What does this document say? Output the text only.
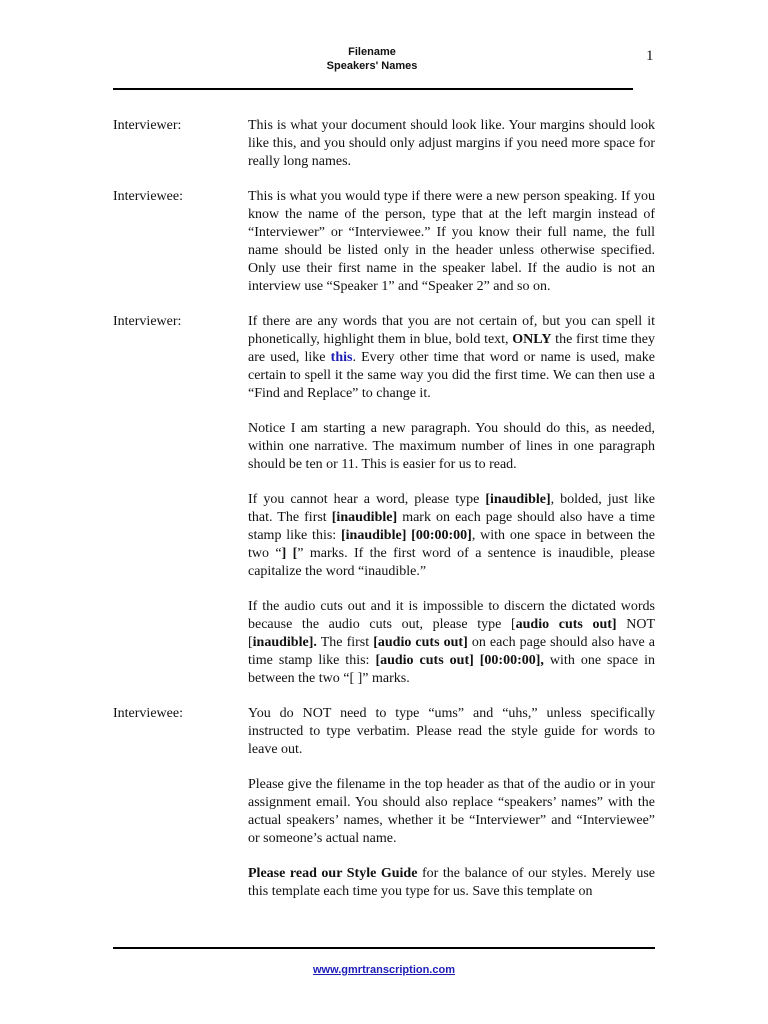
Filename
Speakers' Names
1
Interviewer:	This is what your document should look like. Your margins should look like this, and you should only adjust margins if you need more space for really long names.

Interviewee:	This is what you would type if there were a new person speaking. If you know the name of the person, type that at the left margin instead of “Interviewer” or “Interviewee.” If you know their full name, the full name should be listed only in the header unless otherwise specified. Only use their first name in the speaker label. If the audio is not an interview use “Speaker 1” and “Speaker 2” and so on.

Interviewer:	If there are any words that you are not certain of, but you can spell it phonetically, highlight them in blue, bold text, ONLY the first time they are used, like this. Every other time that word or name is used, make certain to spell it the same way you did the first time. We can then use a “Find and Replace” to change it.

Notice I am starting a new paragraph. You should do this, as needed, within one narrative. The maximum number of lines in one paragraph should be ten or 11. This is easier for us to read.

If you cannot hear a word, please type [inaudible], bolded, just like that. The first [inaudible] mark on each page should also have a time stamp like this: [inaudible] [00:00:00], with one space in between the two “] [” marks. If the first word of a sentence is inaudible, please capitalize the word “inaudible.”

If the audio cuts out and it is impossible to discern the dictated words because the audio cuts out, please type [audio cuts out] NOT [inaudible]. The first [audio cuts out] on each page should also have a time stamp like this: [audio cuts out] [00:00:00], with one space in between the two “[ ]” marks.

Interviewee:	You do NOT need to type “ums” and “uhs,” unless specifically instructed to type verbatim. Please read the style guide for words to leave out.

Please give the filename in the top header as that of the audio or in your assignment email. You should also replace “speakers’ names” with the actual speakers’ names, whether it be “Interviewer” and “Interviewee” or someone’s actual name.

Please read our Style Guide for the balance of our styles. Merely use this template each time you type for us. Save this template on

www.gmrtranscription.com
